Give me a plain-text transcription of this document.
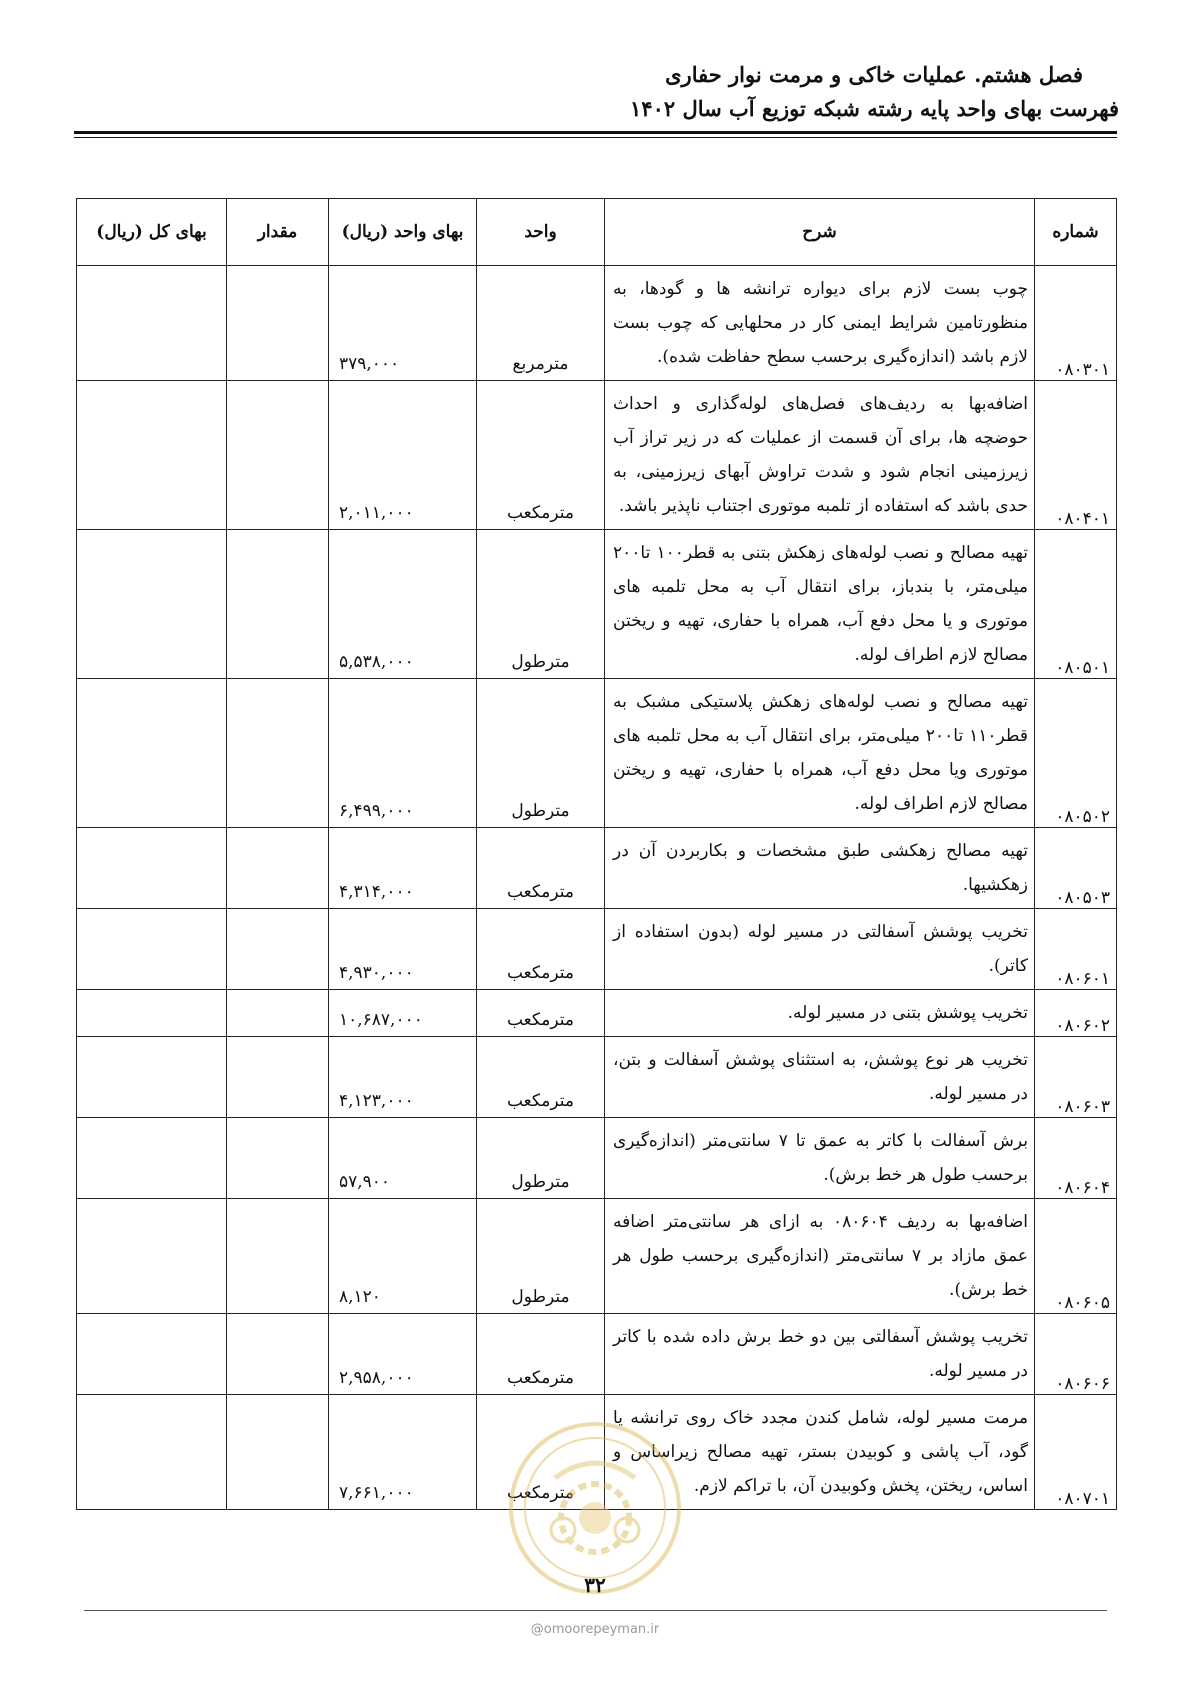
فصل هشتم. عملیات خاکی و مرمت نوار حفاری
فهرست بهای واحد پایه رشته شبکه توزیع آب سال ۱۴۰۲
شماره	شرح	واحد	بهای واحد (ریال)	مقدار	بهای کل (ریال)
۰۸۰۳۰۱	چوب بست لازم برای دیواره ترانشه ها و گودها، به منظورتامین شرایط ایمنی کار در محلهایی که چوب بست لازم باشد (اندازه‌گیری برحسب سطح حفاظت شده).	مترمربع	۳۷۹,۰۰۰		
۰۸۰۴۰۱	اضافه‌بها به ردیف‌های فصل‌های لوله‌گذاری و احداث حوضچه ها، برای آن قسمت از عملیات که در زیر تراز آب زیرزمینی انجام شود و شدت تراوش آبهای زیرزمینی، به حدی باشد که استفاده از تلمبه موتوری اجتناب ناپذیر باشد.	مترمکعب	۲,۰۱۱,۰۰۰		
۰۸۰۵۰۱	تهیه مصالح و نصب لوله‌های زهکش بتنی به قطر۱۰۰ تا۲۰۰ میلی‌متر، با بندباز، برای انتقال آب به محل تلمبه های موتوری و یا محل دفع آب، همراه با حفاری، تهیه و ریختن مصالح لازم اطراف لوله.	مترطول	۵,۵۳۸,۰۰۰		
۰۸۰۵۰۲	تهیه مصالح و نصب لوله‌های زهکش پلاستیکی مشبک به قطر۱۱۰ تا۲۰۰ میلی‌متر، برای انتقال آب به محل تلمبه های موتوری ویا محل دفع آب، همراه با حفاری، تهیه و ریختن مصالح لازم اطراف لوله.	مترطول	۶,۴۹۹,۰۰۰		
۰۸۰۵۰۳	تهیه مصالح زهکشی طبق مشخصات و بکاربردن آن در زهکشیها.	مترمکعب	۴,۳۱۴,۰۰۰		
۰۸۰۶۰۱	تخریب پوشش آسفالتی در مسیر لوله (بدون استفاده از کاتر).	مترمکعب	۴,۹۳۰,۰۰۰		
۰۸۰۶۰۲	تخریب پوشش بتنی در مسیر لوله.	مترمکعب	۱۰,۶۸۷,۰۰۰		
۰۸۰۶۰۳	تخریب هر نوع پوشش، به استثنای پوشش آسفالت و بتن، در مسیر لوله.	مترمکعب	۴,۱۲۳,۰۰۰		
۰۸۰۶۰۴	برش آسفالت با کاتر به عمق تا ۷ سانتی‌متر (اندازه‌گیری برحسب طول هر خط برش).	مترطول	۵۷,۹۰۰		
۰۸۰۶۰۵	اضافه‌بها به ردیف ۰۸۰۶۰۴ به ازای هر سانتی‌متر اضافه عمق مازاد بر ۷ سانتی‌متر (اندازه‌گیری برحسب طول هر خط برش).	مترطول	۸,۱۲۰		
۰۸۰۶۰۶	تخریب پوشش آسفالتی بین دو خط برش داده شده با کاتر در مسیر لوله.	مترمکعب	۲,۹۵۸,۰۰۰		
۰۸۰۷۰۱	مرمت مسیر لوله، شامل کندن مجدد خاک روی ترانشه یا گود، آب پاشی و کوبیدن بستر، تهیه مصالح زیراساس و اساس، ریختن، پخش وکوبیدن آن، با تراکم لازم.	مترمکعب	۷,۶۶۱,۰۰۰		
۳۲
@omoorepeyman.ir
